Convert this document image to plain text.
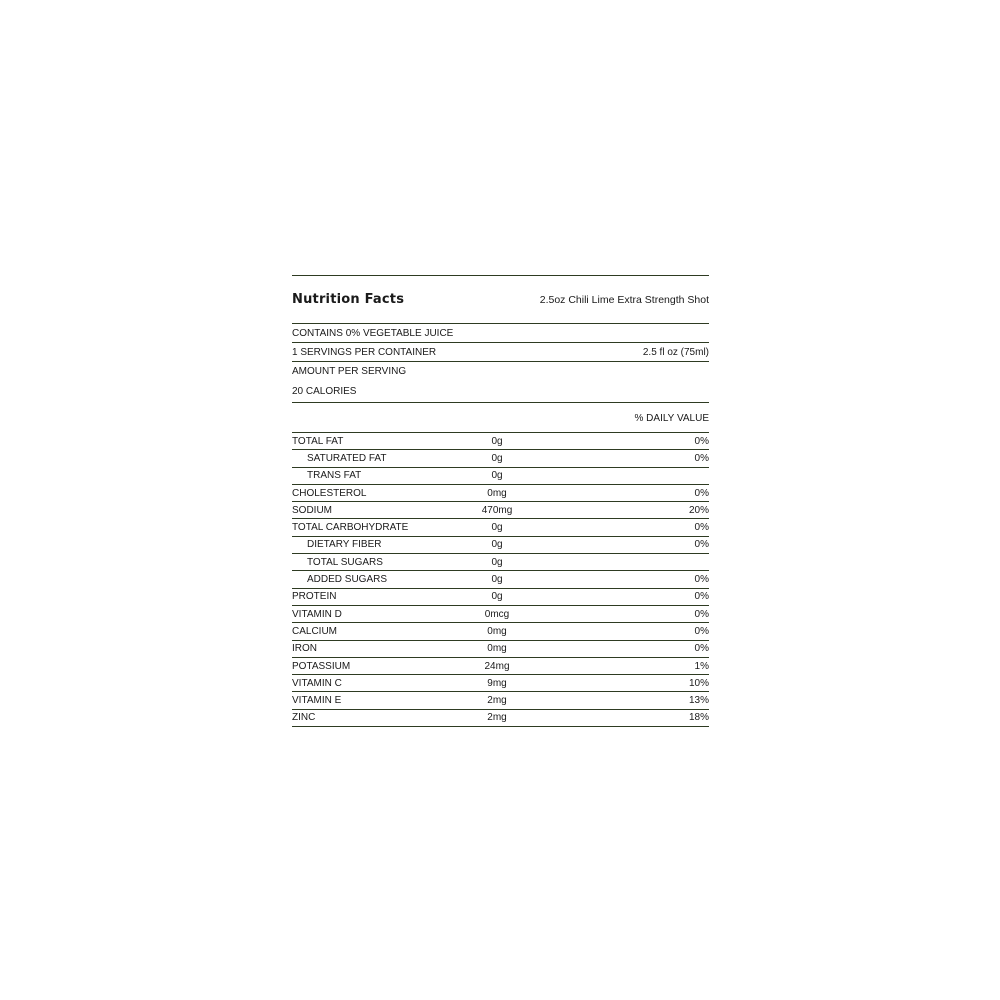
Nutrition Facts	2.5oz Chili Lime Extra Strength Shot
CONTAINS 0% VEGETABLE JUICE
1 SERVINGS PER CONTAINER	2.5 fl oz (75ml)
AMOUNT PER SERVING
20 CALORIES
% DAILY VALUE
TOTAL FAT	0g	0%
SATURATED FAT	0g	0%
TRANS FAT	0g
CHOLESTEROL	0mg	0%
SODIUM	470mg	20%
TOTAL CARBOHYDRATE	0g	0%
DIETARY FIBER	0g	0%
TOTAL SUGARS	0g
ADDED SUGARS	0g	0%
PROTEIN	0g	0%
VITAMIN D	0mcg	0%
CALCIUM	0mg	0%
IRON	0mg	0%
POTASSIUM	24mg	1%
VITAMIN C	9mg	10%
VITAMIN E	2mg	13%
ZINC	2mg	18%
